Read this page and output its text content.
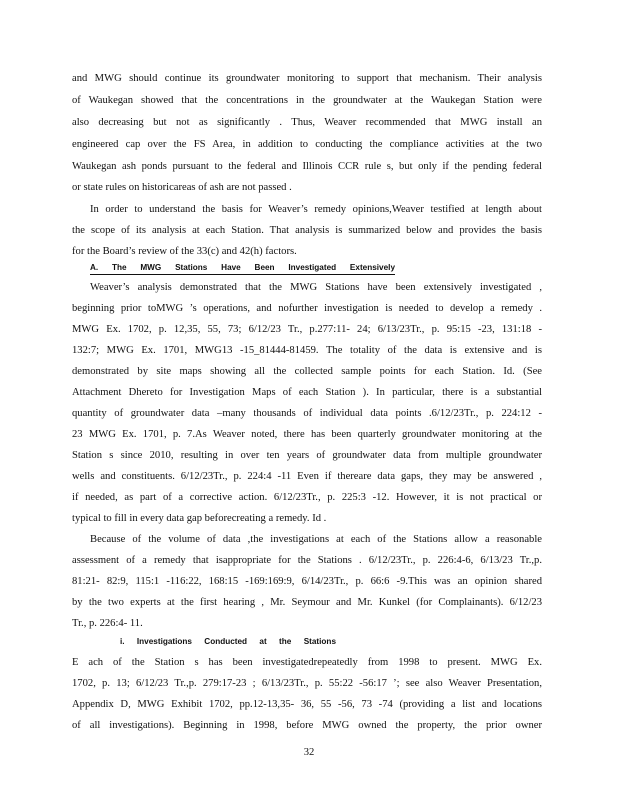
and MWG should continue its groundwater monitoring to support that mechanism. Their analysis
of Waukegan showed that the concentrations in the groundwater at the Waukegan Station were
also decreasing but not as significantly . Thus, Weaver recommended that MWG install an
engineered cap over the FS Area, in addition to conducting the compliance activities at the two
Waukegan ash ponds pursuant to the federal and Illinois CCR rule s, but only if the pending federal
or state rules on historicareas of ash are not passed .
In order to understand the basis for Weaver’s remedy opinions,Weaver testified at length about
the scope of its analysis at each Station. That analysis is summarized below and provides the basis
for the Board’s review of the 33(c) and 42(h) factors.
A. The MWG Stations Have Been Investigated Extensively
Weaver’s analysis demonstrated that the MWG Stations have been extensively investigated ,
beginning prior toMWG ’s operations, and nofurther investigation is needed to develop a remedy .
MWG Ex. 1702, p. 12,35, 55, 73; 6/12/23 Tr., p.277:11- 24; 6/13/23Tr., p. 95:15 -23, 131:18 -
132:7; MWG Ex. 1701, MWG13 -15_81444-81459. The totality of the data is extensive and is
demonstrated by site maps showing all the collected sample points for each Station. Id. (See
Attachment Dhereto for Investigation Maps of each Station ). In particular, there is a substantial
quantity of groundwater data –many thousands of individual data points .6/12/23Tr., p. 224:12 -
23 MWG Ex. 1701, p. 7.As Weaver noted, there has been quarterly groundwater monitoring at the
Station s since 2010, resulting in over ten years of groundwater data from multiple groundwater
wells and constituents. 6/12/23Tr., p. 224:4 -11 Even if thereare data gaps, they may be answered ,
if needed, as part of a corrective action. 6/12/23Tr., p. 225:3 -12. However, it is not practical or
typical to fill in every data gap beforecreating a remedy. Id .
Because of the volume of data ,the investigations at each of the Stations allow a reasonable
assessment of a remedy that isappropriate for the Stations . 6/12/23Tr., p. 226:4-6, 6/13/23 Tr.,p.
81:21- 82:9, 115:1 -116:22, 168:15 -169:169:9, 6/14/23Tr., p. 66:6 -9.This was an opinion shared
by the two experts at the first hearing , Mr. Seymour and Mr. Kunkel (for Complainants). 6/12/23
Tr., p. 226:4- 11.
i. Investigations Conducted at the Stations
E ach of the Station s has been investigatedrepeatedly from 1998 to present. MWG Ex.
1702, p. 13; 6/12/23 Tr.,p. 279:17-23 ; 6/13/23Tr., p. 55:22 -56:17 ’; see also Weaver Presentation,
Appendix D, MWG Exhibit 1702, pp.12-13,35- 36, 55 -56, 73 -74 (providing a list and locations
of all investigations). Beginning in 1998, before MWG owned the property, the prior owner
32
